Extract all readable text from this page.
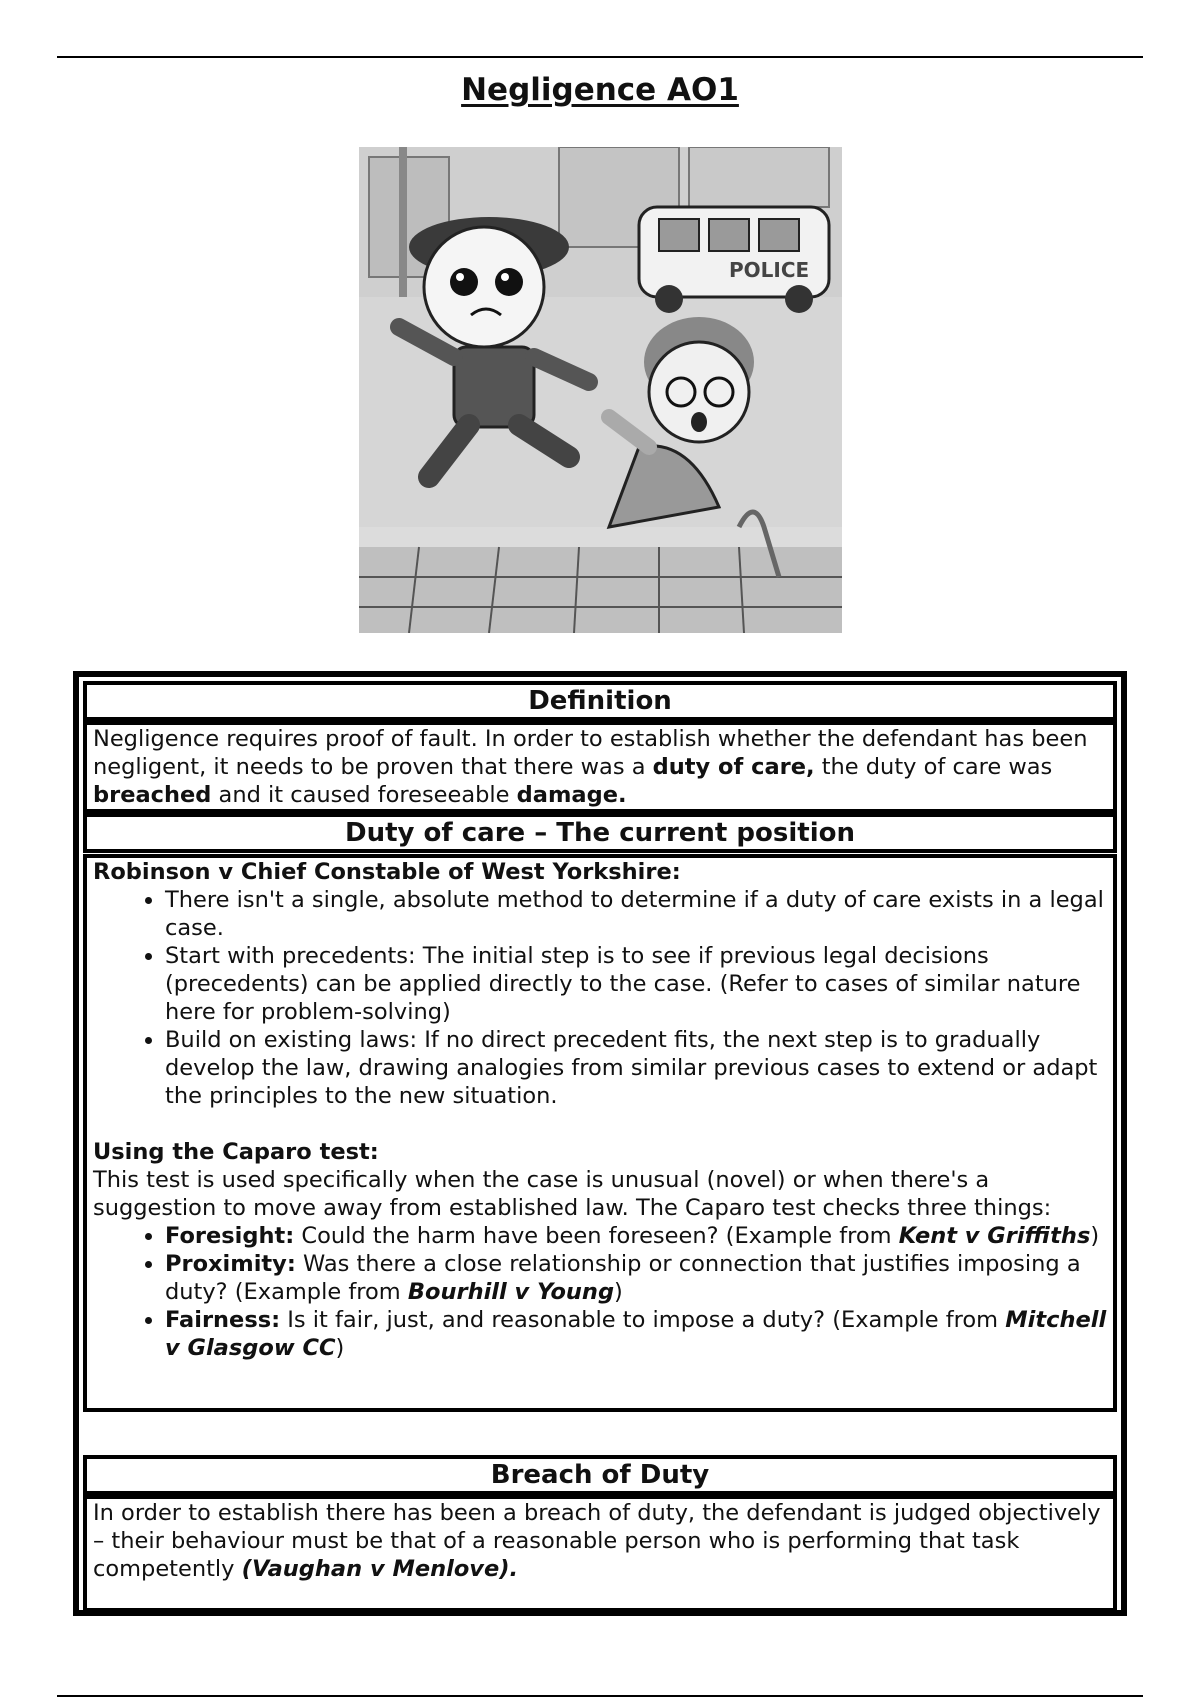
Negligence AO1
POLICE
Definition
Negligence requires proof of fault. In order to establish whether the defendant has been negligent, it needs to be proven that there was a duty of care, the duty of care was breached and it caused foreseeable damage.
Duty of care – The current position

Robinson v Chief Constable of West Yorkshire:

• There isn't a single, absolute method to determine if a duty of care exists in a legal case.
• Start with precedents: The initial step is to see if previous legal decisions (precedents) can be applied directly to the case. (Refer to cases of similar nature here for problem-solving)
• Build on existing laws: If no direct precedent fits, the next step is to gradually develop the law, drawing analogies from similar previous cases to extend or adapt the principles to the new situation.

Using the Caparo test:

This test is used specifically when the case is unusual (novel) or when there's a suggestion to move away from established law. The Caparo test checks three things:

• Foresight: Could the harm have been foreseen? (Example from Kent v Griffiths)
• Proximity: Was there a close relationship or connection that justifies imposing a duty? (Example from Bourhill v Young)
• Fairness: Is it fair, just, and reasonable to impose a duty? (Example from Mitchell v Glasgow CC)
Breach of Duty
In order to establish there has been a breach of duty, the defendant is judged objectively – their behaviour must be that of a reasonable person who is performing that task competently (Vaughan v Menlove).
